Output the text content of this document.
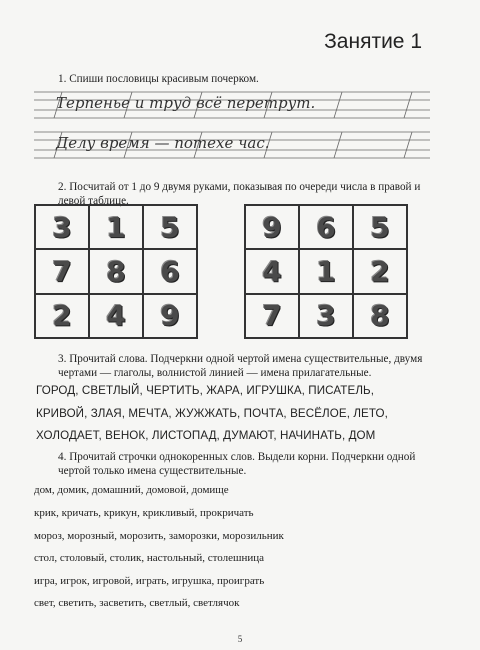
Занятие 1
1. Спиши пословицы красивым почерком.
Терпенье и труд всё перетрут.
Делу время — потехе час.
2. Посчитай от 1 до 9 двумя руками, показывая по очереди числа в правой и левой таблице.
3	1	5
7	8	6
2	4	9
9	6	5
4	1	2
7	3	8
3. Прочитай слова. Подчеркни одной чертой имена существительные, двумя чертами — глаголы, волнистой линией — имена прилагательные.
ГОРОД, СВЕТЛЫЙ, ЧЕРТИТЬ, ЖАРА, ИГРУШКА, ПИСАТЕЛЬ,
КРИВОЙ, ЗЛАЯ, МЕЧТА, ЖУЖЖАТЬ, ПОЧТА, ВЕСЁЛОЕ, ЛЕТО,
ХОЛОДАЕТ, ВЕНОК, ЛИСТОПАД, ДУМАЮТ, НАЧИНАТЬ, ДОМ
4. Прочитай строчки однокоренных слов. Выдели корни. Подчеркни одной чертой только имена существительные.
дом, домик, домашний, домовой, домище
крик, кричать, крикун, крикливый, прокричать
мороз, морозный, морозить, заморозки, морозильник
стол, столовый, столик, настольный, столешница
игра, игрок, игровой, играть, игрушка, проиграть
свет, светить, засветить, светлый, светлячок
5
